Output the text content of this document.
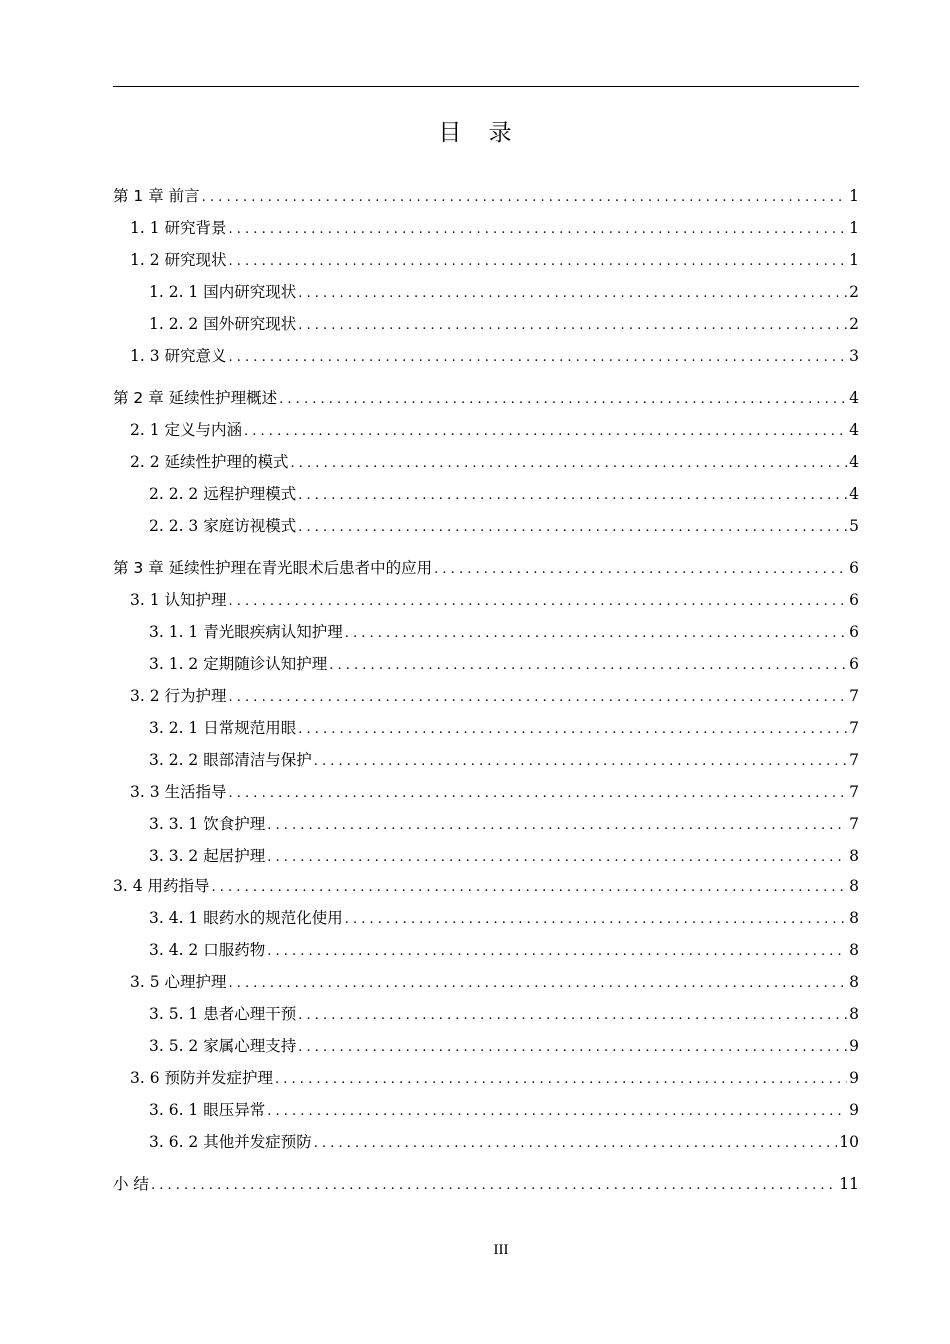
目 录
第 1 章 前言 . . .	1
1. 1 研究背景 . . .	1
1. 2 研究现状 . . .	1
1. 2. 1 国内研究现状 . . .	2
1. 2. 2 国外研究现状 . . .	2
1. 3 研究意义 . . .	3
第 2 章 延续性护理概述 . . .	4
2. 1 定义与内涵 . . .	4
2. 2 延续性护理的模式 . . .	4
2. 2. 2 远程护理模式 . . .	4
2. 2. 3 家庭访视模式 . . .	5
第 3 章 延续性护理在青光眼术后患者中的应用 . . .	6
3. 1 认知护理 . . .	6
3. 1. 1 青光眼疾病认知护理 . . .	6
3. 1. 2 定期随诊认知护理 . . .	6
3. 2 行为护理 . . .	7
3. 2. 1 日常规范用眼 . . .	7
3. 2. 2 眼部清洁与保护 . . .	7
3. 3 生活指导 . . .	7
3. 3. 1 饮食护理 . . .	7
3. 3. 2 起居护理 . . .	8
3. 4 用药指导 . . .	8
3. 4. 1 眼药水的规范化使用 . . .	8
3. 4. 2 口服药物 . . .	8
3. 5 心理护理 . . .	8
3. 5. 1 患者心理干预 . . .	8
3. 5. 2 家属心理支持 . . .	9
3. 6 预防并发症护理 . . .	9
3. 6. 1 眼压异常 . . .	9
3. 6. 2 其他并发症预防 . . .	10
小 结 . . .	11
III
